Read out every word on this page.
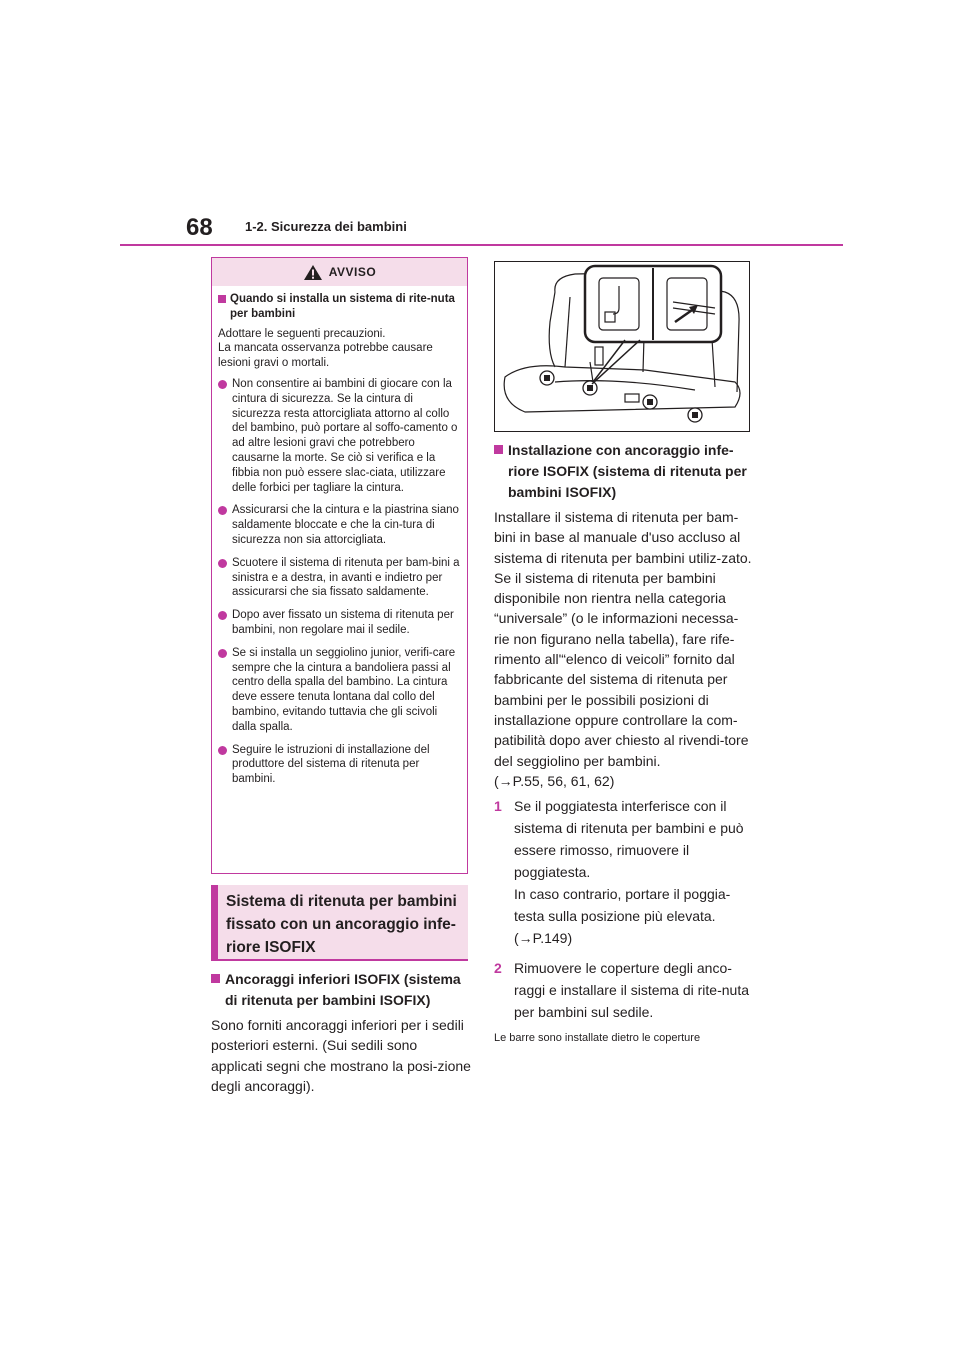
68 1-2. Sicurezza dei bambini
AVVISO
Quando si installa un sistema di rite-nuta per bambini
Adottare le seguenti precauzioni.
La mancata osservanza potrebbe causare lesioni gravi o mortali.
Non consentire ai bambini di giocare con la cintura di sicurezza. Se la cintura di sicurezza resta attorcigliata attorno al collo del bambino, può portare al soffo-camento o ad altre lesioni gravi che potrebbero causarne la morte. Se ciò si verifica e la fibbia non può essere slac-ciata, utilizzare delle forbici per tagliare la cintura.
Assicurarsi che la cintura e la piastrina siano saldamente bloccate e che la cin-tura di sicurezza non sia attorcigliata.
Scuotere il sistema di ritenuta per bam-bini a sinistra e a destra, in avanti e indietro per assicurarsi che sia fissato saldamente.
Dopo aver fissato un sistema di ritenuta per bambini, non regolare mai il sedile.
Se si installa un seggiolino junior, verifi-care sempre che la cintura a bandoliera passi al centro della spalla del bambino. La cintura deve essere tenuta lontana dal collo del bambino, evitando tuttavia che gli scivoli dalla spalla.
Seguire le istruzioni di installazione del produttore del sistema di ritenuta per bambini.
Sistema di ritenuta per bambini fissato con un ancoraggio infe-riore ISOFIX
Ancoraggi inferiori ISOFIX (sistema di ritenuta per bambini ISOFIX)
Sono forniti ancoraggi inferiori per i sedili posteriori esterni. (Sui sedili sono applicati segni che mostrano la posi-zione degli ancoraggi).
Installazione con ancoraggio infe-riore ISOFIX (sistema di ritenuta per bambini ISOFIX)
Installare il sistema di ritenuta per bam-bini in base al manuale d'uso accluso al sistema di ritenuta per bambini utiliz-zato.
Se il sistema di ritenuta per bambini disponibile non rientra nella categoria “universale” (o le informazioni necessa-rie non figurano nella tabella), fare rife-rimento all'“elenco di veicoli” fornito dal fabbricante del sistema di ritenuta per bambini per le possibili posizioni di installazione oppure controllare la com-patibilità dopo aver chiesto al rivendi-tore del seggiolino per bambini.
(→P.55, 56, 61, 62)
1 Se il poggiatesta interferisce con il sistema di ritenuta per bambini e può essere rimosso, rimuovere il poggiatesta.
In caso contrario, portare il poggia-testa sulla posizione più elevata.
(→P.149)
2 Rimuovere le coperture degli anco-raggi e installare il sistema di rite-nuta per bambini sul sedile.
Le barre sono installate dietro le coperture
